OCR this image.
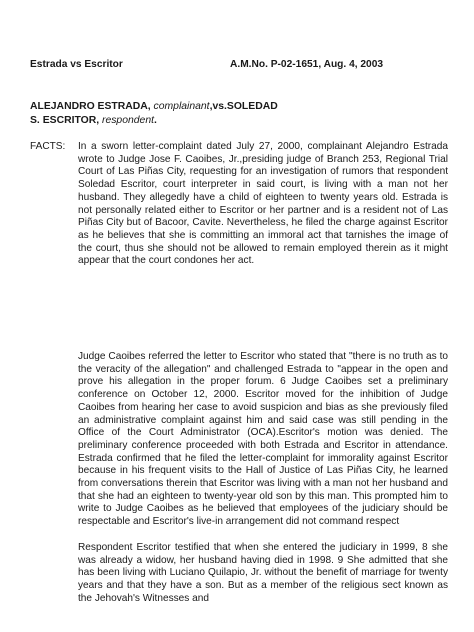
Estrada vs Escritor	A.M.No. P-02-1651, Aug. 4, 2003
ALEJANDRO ESTRADA, complainant,vs.SOLEDAD
S. ESCRITOR, respondent.
FACTS: In a sworn letter-complaint dated July 27, 2000, complainant Alejandro Estrada wrote to Judge Jose F. Caoibes, Jr.,presiding judge of Branch 253, Regional Trial Court of Las Piñas City, requesting for an investigation of rumors that respondent Soledad Escritor, court interpreter in said court, is living with a man not her husband. They allegedly have a child of eighteen to twenty years old. Estrada is not personally related either to Escritor or her partner and is a resident not of Las Piñas City but of Bacoor, Cavite. Nevertheless, he filed the charge against Escritor as he believes that she is committing an immoral act that tarnishes the image of the court, thus she should not be allowed to remain employed therein as it might appear that the court condones her act.

Judge Caoibes referred the letter to Escritor who stated that "there is no truth as to the veracity of the allegation" and challenged Estrada to "appear in the open and prove his allegation in the proper forum. 6 Judge Caoibes set a preliminary conference on October 12, 2000. Escritor moved for the inhibition of Judge Caoibes from hearing her case to avoid suspicion and bias as she previously filed an administrative complaint against him and said case was still pending in the Office of the Court Administrator (OCA).Escritor's motion was denied. The preliminary conference proceeded with both Estrada and Escritor in attendance. Estrada confirmed that he filed the letter-complaint for immorality against Escritor because in his frequent visits to the Hall of Justice of Las Piñas City, he learned from conversations therein that Escritor was living with a man not her husband and that she had an eighteen to twenty-year old son by this man. This prompted him to write to Judge Caoibes as he believed that employees of the judiciary should be respectable and Escritor's live-in arrangement did not command respect

Respondent Escritor testified that when she entered the judiciary in 1999, 8 she was already a widow, her husband having died in 1998. 9 She admitted that she has been living with Luciano Quilapio, Jr. without the benefit of marriage for twenty years and that they have a son. But as a member of the religious sect known as the Jehovah's Witnesses and
